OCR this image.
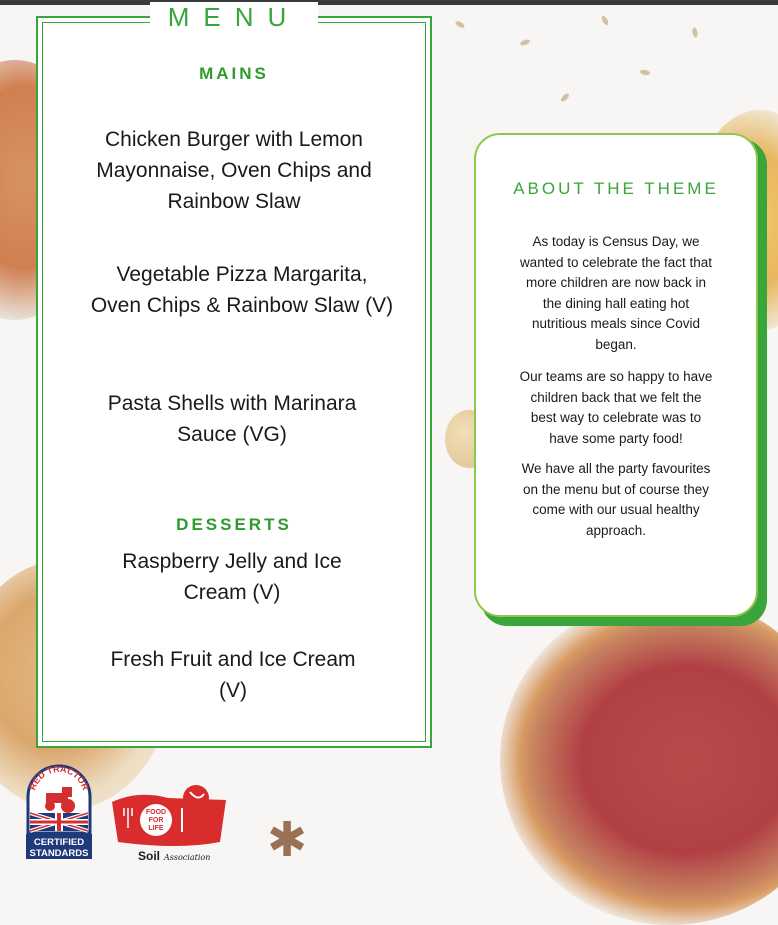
✱
MENU
MAINS
Chicken Burger with Lemon Mayonnaise, Oven Chips and Rainbow Slaw
Vegetable Pizza Margarita, Oven Chips & Rainbow Slaw (V)
Pasta Shells with Marinara Sauce (VG)
DESSERTS
Raspberry Jelly and Ice Cream (V)
Fresh Fruit and Ice Cream (V)
ABOUT THE THEME
As today is Census Day, we wanted to celebrate the fact that more children are now back in the dining hall eating hot nutritious meals since Covid began.
Our teams are so happy to have children back that we felt the best way to celebrate was to have some party food!
We have all the party favourites on the menu but of course they come with our usual healthy approach.
RED TRACTOR
CERTIFIED
STANDARDS
FOOD
FOR
LIFE
Soil Association
